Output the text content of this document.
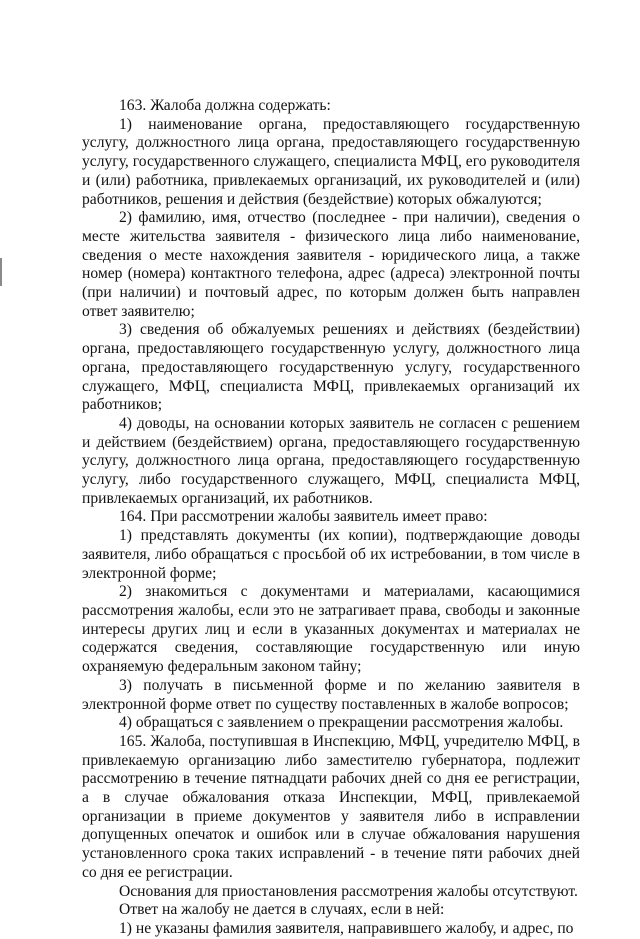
163. Жалоба должна содержать:

1) наименование органа, предоставляющего государственную услугу, должностного лица органа, предоставляющего государственную услугу, государственного служащего, специалиста МФЦ, его руководителя и (или) работника, привлекаемых организаций, их руководителей и (или) работников, решения и действия (бездействие) которых обжалуются;

2) фамилию, имя, отчество (последнее - при наличии), сведения о месте жительства заявителя - физического лица либо наименование, сведения о месте нахождения заявителя - юридического лица, а также номер (номера) контактного телефона, адрес (адреса) электронной почты (при наличии) и почтовый адрес, по которым должен быть направлен ответ заявителю;

3) сведения об обжалуемых решениях и действиях (бездействии) органа, предоставляющего государственную услугу, должностного лица органа, предоставляющего государственную услугу, государственного служащего, МФЦ, специалиста МФЦ, привлекаемых организаций их работников;

4) доводы, на основании которых заявитель не согласен с решением и действием (бездействием) органа, предоставляющего государственную услугу, должностного лица органа, предоставляющего государственную услугу, либо государственного служащего, МФЦ, специалиста МФЦ, привлекаемых организаций, их работников.

164. При рассмотрении жалобы заявитель имеет право:

1) представлять документы (их копии), подтверждающие доводы заявителя, либо обращаться с просьбой об их истребовании, в том числе в электронной форме;

2) знакомиться с документами и материалами, касающимися рассмотрения жалобы, если это не затрагивает права, свободы и законные интересы других лиц и если в указанных документах и материалах не содержатся сведения, составляющие государственную или иную охраняемую федеральным законом тайну;

3) получать в письменной форме и по желанию заявителя в электронной форме ответ по существу поставленных в жалобе вопросов;

4) обращаться с заявлением о прекращении рассмотрения жалобы.

165. Жалоба, поступившая в Инспекцию, МФЦ, учредителю МФЦ, в привлекаемую организацию либо заместителю губернатора, подлежит рассмотрению в течение пятнадцати рабочих дней со дня ее регистрации, а в случае обжалования отказа Инспекции, МФЦ, привлекаемой организации в приеме документов у заявителя либо в исправлении допущенных опечаток и ошибок или в случае обжалования нарушения установленного срока таких исправлений - в течение пяти рабочих дней со дня ее регистрации.

Основания для приостановления рассмотрения жалобы отсутствуют.

Ответ на жалобу не дается в случаях, если в ней:

1) не указаны фамилия заявителя, направившего жалобу, и адрес, по
